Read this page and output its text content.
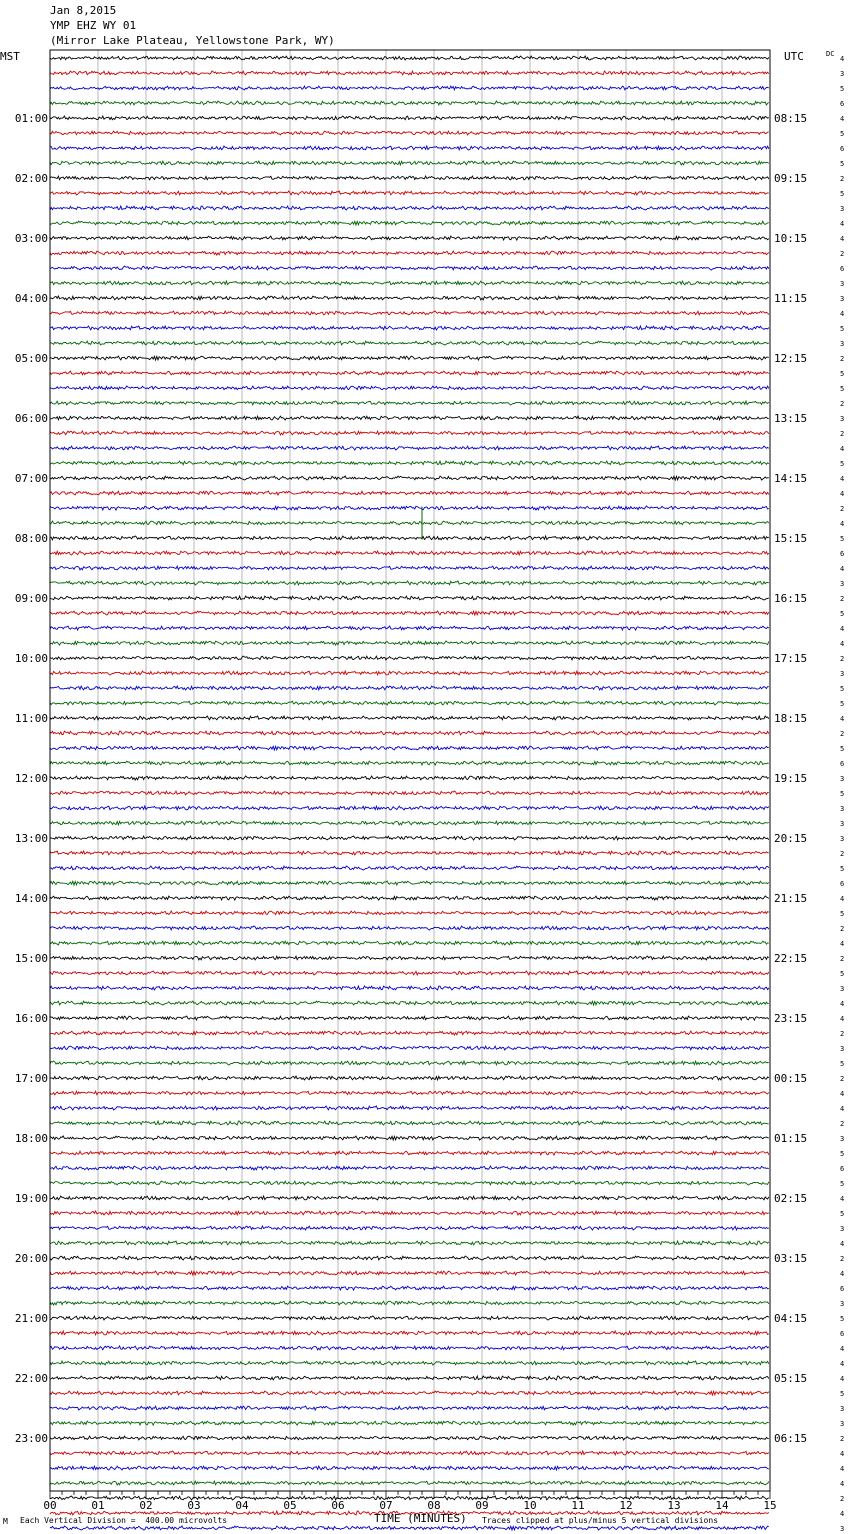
Jan 8,2015
YMP EHZ WY 01
(Mirror Lake Plateau, Yellowstone Park, WY)
MST	UTC	DC
01:00
02:00
03:00
04:00
05:00
06:00
07:00
08:00
09:00
10:00
11:00
12:00
13:00
14:00
15:00
16:00
17:00
18:00
19:00
20:00
21:00
22:00
23:00
08:15
09:15
10:15
11:15
12:15
13:15
14:15
15:15
16:15
17:15
18:15
19:15
20:15
21:15
22:15
23:15
00:15
01:15
02:15
03:15
04:15
05:15
06:15
4
3
5
6
4
5
6
5
2
5
3
4
4
2
6
3
3
4
5
3
2
5
5
2
3
2
4
5
4
4
2
4
5
6
4
3
2
5
4
4
2
3
5
5
4
2
5
6
3
5
3
3
3
2
5
6
4
5
2
4
2
5
3
4
4
2
3
5
2
4
4
2
3
5
6
5
4
5
3
4
2
4
6
3
5
6
4
4
4
5
3
3
2
4
4
4
2
4
3
00	01	02	03	04	05	06	07	08	09	10	11	12	13	14	15
M Each Vertical Division =  400.00 microvolts	TIME (MINUTES) Traces clipped at plus/minus 5 vertical divisions
